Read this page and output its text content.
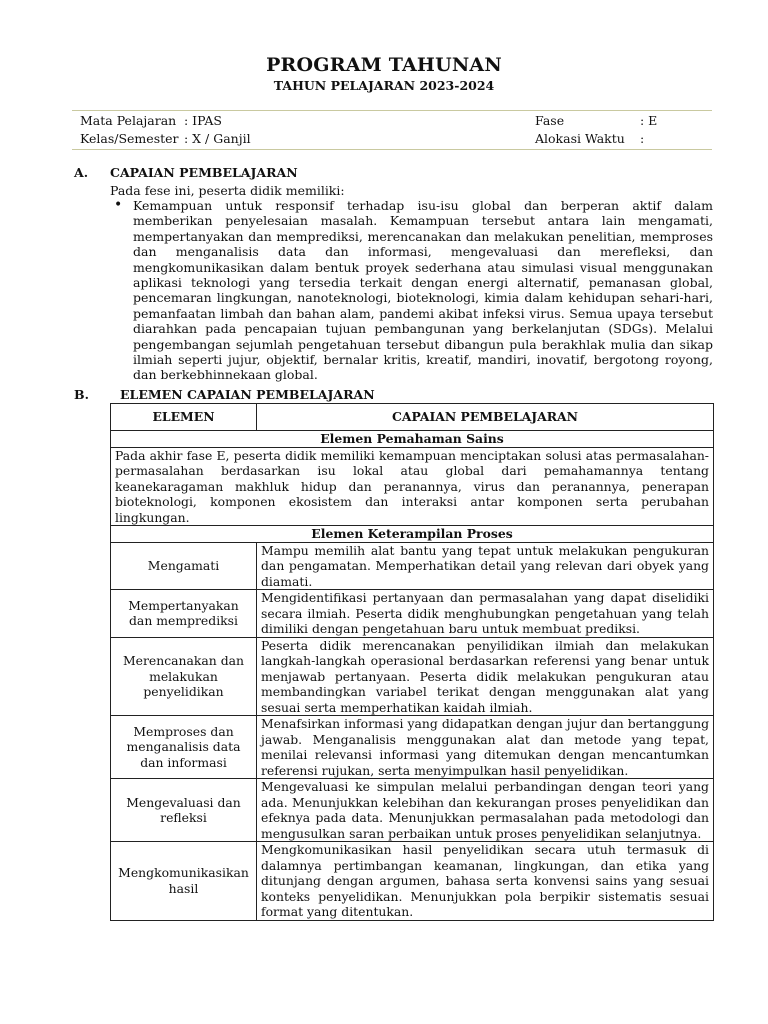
PROGRAM TAHUNAN
TAHUN PELAJARAN 2023-2024
Mata Pelajaran : IPAS	Fase	: E
Kelas/Semester : X / Ganjil	Alokasi Waktu :
A. CAPAIAN PEMBELAJARAN
Pada fese ini, peserta didik memiliki:
• Kemampuan untuk responsif terhadap isu-isu global dan berperan aktif dalam memberikan penyelesaian masalah. Kemampuan tersebut antara lain mengamati, mempertanyakan dan memprediksi, merencanakan dan melakukan penelitian, memproses dan menganalisis data dan informasi, mengevaluasi dan merefleksi, dan mengkomunikasikan dalam bentuk proyek sederhana atau simulasi visual menggunakan aplikasi teknologi yang tersedia terkait dengan energi alternatif, pemanasan global, pencemaran lingkungan, nanoteknologi, bioteknologi, kimia dalam kehidupan sehari-hari, pemanfaatan limbah dan bahan alam, pandemi akibat infeksi virus. Semua upaya tersebut diarahkan pada pencapaian tujuan pembangunan yang berkelanjutan (SDGs). Melalui pengembangan sejumlah pengetahuan tersebut dibangun pula berakhlak mulia dan sikap ilmiah seperti jujur, objektif, bernalar kritis, kreatif, mandiri, inovatif, bergotong royong, dan berkebhinnekaan global.
B. ELEMEN CAPAIAN PEMBELAJARAN
ELEMEN	CAPAIAN PEMBELAJARAN
Elemen Pemahaman Sains	
Pada akhir fase E, peserta didik memiliki kemampuan menciptakan solusi atas permasalahan-permasalahan berdasarkan isu lokal atau global dari pemahamannya tentang keanekaragaman makhluk hidup dan peranannya, virus dan peranannya, penerapan bioteknologi, komponen ekosistem dan interaksi antar komponen serta perubahan lingkungan.	
Elemen Keterampilan Proses	
Mengamati	Mampu memilih alat bantu yang tepat untuk melakukan pengukuran dan pengamatan. Memperhatikan detail yang relevan dari obyek yang diamati.
Mempertanyakan dan memprediksi	Mengidentifikasi pertanyaan dan permasalahan yang dapat diselidiki secara ilmiah. Peserta didik menghubungkan pengetahuan yang telah dimiliki dengan pengetahuan baru untuk membuat prediksi.
Merencanakan dan melakukan penyelidikan	Peserta didik merencanakan penyilidikan ilmiah dan melakukan langkah-langkah operasional berdasarkan referensi yang benar untuk menjawab pertanyaan. Peserta didik melakukan pengukuran atau membandingkan variabel terikat dengan menggunakan alat yang sesuai serta memperhatikan kaidah ilmiah.
Memproses dan menganalisis data dan informasi	Menafsirkan informasi yang didapatkan dengan jujur dan bertanggung jawab. Menganalisis menggunakan alat dan metode yang tepat, menilai relevansi informasi yang ditemukan dengan mencantumkan referensi rujukan, serta menyimpulkan hasil penyelidikan.
Mengevaluasi dan refleksi	Mengevaluasi ke simpulan melalui perbandingan dengan teori yang ada. Menunjukkan kelebihan dan kekurangan proses penyelidikan dan efeknya pada data. Menunjukkan permasalahan pada metodologi dan mengusulkan saran perbaikan untuk proses penyelidikan selanjutnya.
Mengkomunikasikan hasil	Mengkomunikasikan hasil penyelidikan secara utuh termasuk di dalamnya pertimbangan keamanan, lingkungan, dan etika yang ditunjang dengan argumen, bahasa serta konvensi sains yang sesuai konteks penyelidikan. Menunjukkan pola berpikir sistematis sesuai format yang ditentukan.
